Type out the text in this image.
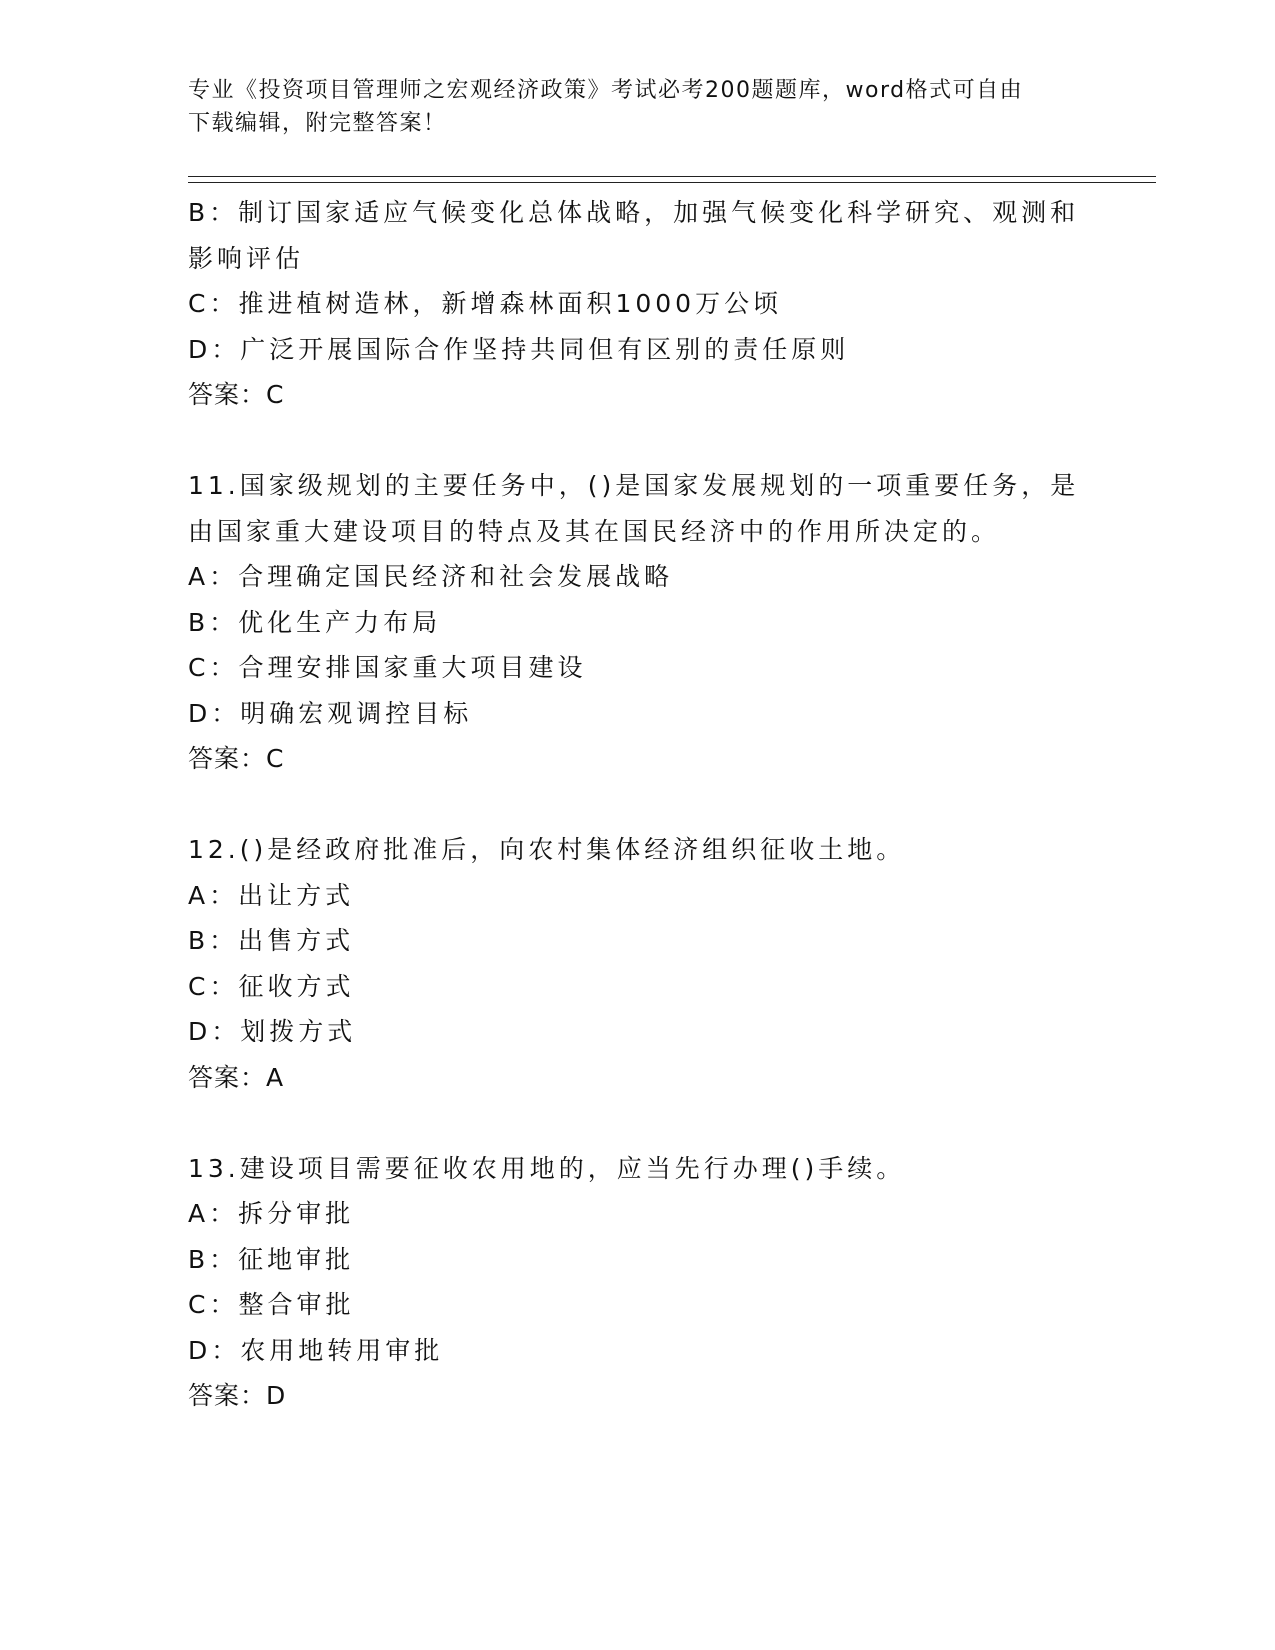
专业《投资项目管理师之宏观经济政策》考试必考200题题库，word格式可自由
下载编辑，附完整答案！
B：制订国家适应气候变化总体战略，加强气候变化科学研究、观测和
影响评估
C：推进植树造林，新增森林面积1000万公顷
D：广泛开展国际合作坚持共同但有区别的责任原则
答案：C
11.国家级规划的主要任务中，()是国家发展规划的一项重要任务，是
由国家重大建设项目的特点及其在国民经济中的作用所决定的。
A：合理确定国民经济和社会发展战略
B：优化生产力布局
C：合理安排国家重大项目建设
D：明确宏观调控目标
答案：C
12.()是经政府批准后，向农村集体经济组织征收土地。
A：出让方式
B：出售方式
C：征收方式
D：划拨方式
答案：A
13.建设项目需要征收农用地的，应当先行办理()手续。
A：拆分审批
B：征地审批
C：整合审批
D：农用地转用审批
答案：D
